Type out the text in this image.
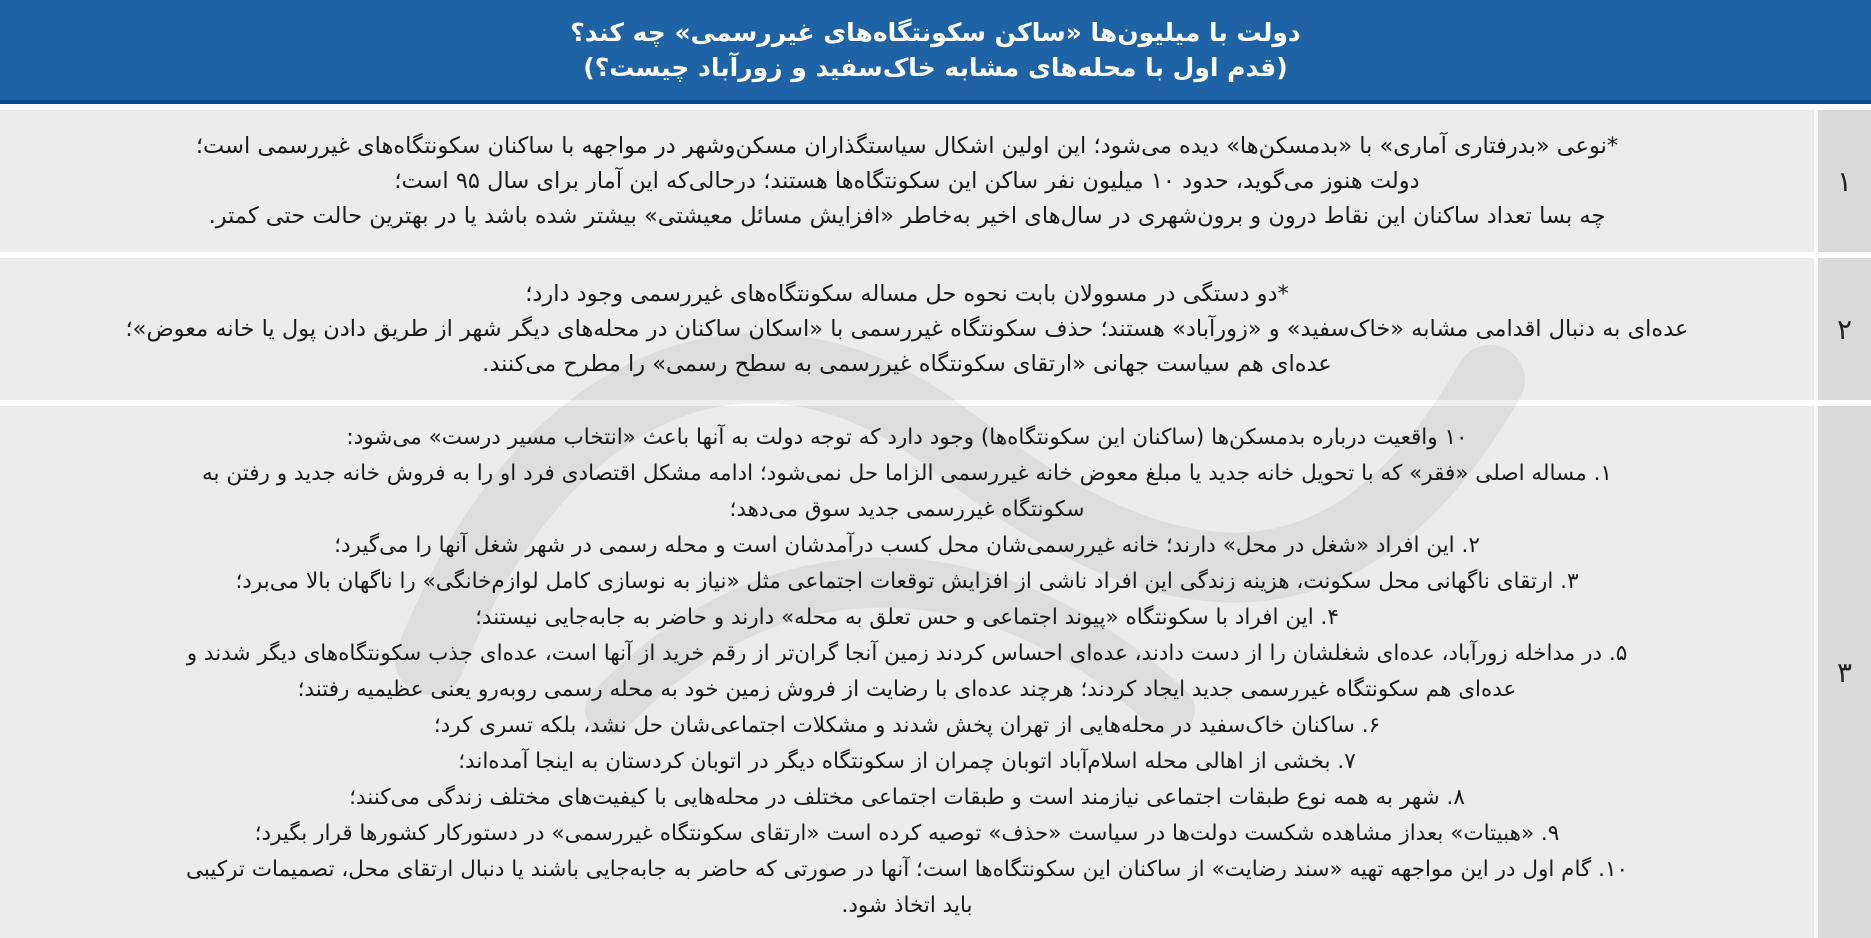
دولت با میلیون‌ها «ساکن سکونتگاه‌های غیررسمی» چه کند؟
(قدم اول با محله‌های مشابه خاک‌سفید و زورآباد چیست؟)
۱
*نوعی «بدرفتاری آماری» با «بدمسکن‌ها» دیده می‌شود؛ این اولین اشکال سیاستگذاران مسکن‌وشهر در مواجهه با ساکنان سکونتگاه‌های غیررسمی است؛
دولت هنوز می‌گوید، حدود ۱۰ میلیون نفر ساکن این سکونتگاه‌ها هستند؛ درحالی‌که این آمار برای سال ۹۵ است؛
چه بسا تعداد ساکنان این نقاط درون و برون‌شهری در سال‌های اخیر به‌خاطر «افزایش مسائل معیشتی» بیشتر شده باشد یا در بهترین حالت حتی کمتر.
۲
*دو دستگی در مسوولان بابت نحوه حل مساله سکونتگاه‌های غیررسمی وجود دارد؛
عده‌ای به دنبال اقدامی مشابه «خاک‌سفید» و «زورآباد» هستند؛ حذف سکونتگاه غیررسمی با «اسکان ساکنان در محله‌های دیگر شهر از طریق دادن پول یا خانه معوض»؛
عده‌ای هم سیاست جهانی «ارتقای سکونتگاه غیررسمی به سطح رسمی» را مطرح می‌کنند.
۳
۱۰ واقعیت درباره بدمسکن‌ها (ساکنان این سکونتگاه‌ها) وجود دارد که توجه دولت به آنها باعث «انتخاب مسیر درست» می‌شود:
۱. مساله اصلی «فقر» که با تحویل خانه جدید یا مبلغ معوض خانه غیررسمی الزاما حل نمی‌شود؛ ادامه مشکل اقتصادی فرد او را به فروش خانه جدید و رفتن به
سکونتگاه غیررسمی جدید سوق می‌دهد؛
۲. این افراد «شغل در محل» دارند؛ خانه غیررسمی‌شان محل کسب درآمدشان است و محله رسمی در شهر شغل آنها را می‌گیرد؛
۳. ارتقای ناگهانی محل سکونت، هزینه زندگی این افراد ناشی از افزایش توقعات اجتماعی مثل «نیاز به نوسازی کامل لوازم‌خانگی» را ناگهان بالا می‌برد؛
۴. این افراد با سکونتگاه «پیوند اجتماعی و حس تعلق به محله» دارند و حاضر به جابه‌جایی نیستند؛
۵. در مداخله زورآباد، عده‌ای شغلشان را از دست دادند، عده‌ای احساس کردند زمین آنجا گران‌تر از رقم خرید از آنها است، عده‌ای جذب سکونتگاه‌های دیگر شدند و
عده‌ای هم سکونتگاه غیررسمی جدید ایجاد کردند؛ هرچند عده‌ای با رضایت از فروش زمین خود به محله رسمی روبه‌رو یعنی عظیمیه رفتند؛
۶. ساکنان خاک‌سفید در محله‌هایی از تهران پخش شدند و مشکلات اجتماعی‌شان حل نشد، بلکه تسری کرد؛
۷. بخشی از اهالی محله اسلام‌آباد اتوبان چمران از سکونتگاه دیگر در اتوبان کردستان به اینجا آمده‌اند؛
۸. شهر به همه نوع طبقات اجتماعی نیازمند است و طبقات اجتماعی مختلف در محله‌هایی با کیفیت‌های مختلف زندگی می‌کنند؛
۹. «هبیتات» بعداز مشاهده شکست دولت‌ها در سیاست «حذف» توصیه کرده است «ارتقای سکونتگاه غیررسمی» در دستورکار کشورها قرار بگیرد؛
۱۰. گام اول در این مواجهه تهیه «سند رضایت» از ساکنان این سکونتگاه‌ها است؛ آنها در صورتی که حاضر به جابه‌جایی باشند یا دنبال ارتقای محل، تصمیمات ترکیبی
باید اتخاذ شود.
